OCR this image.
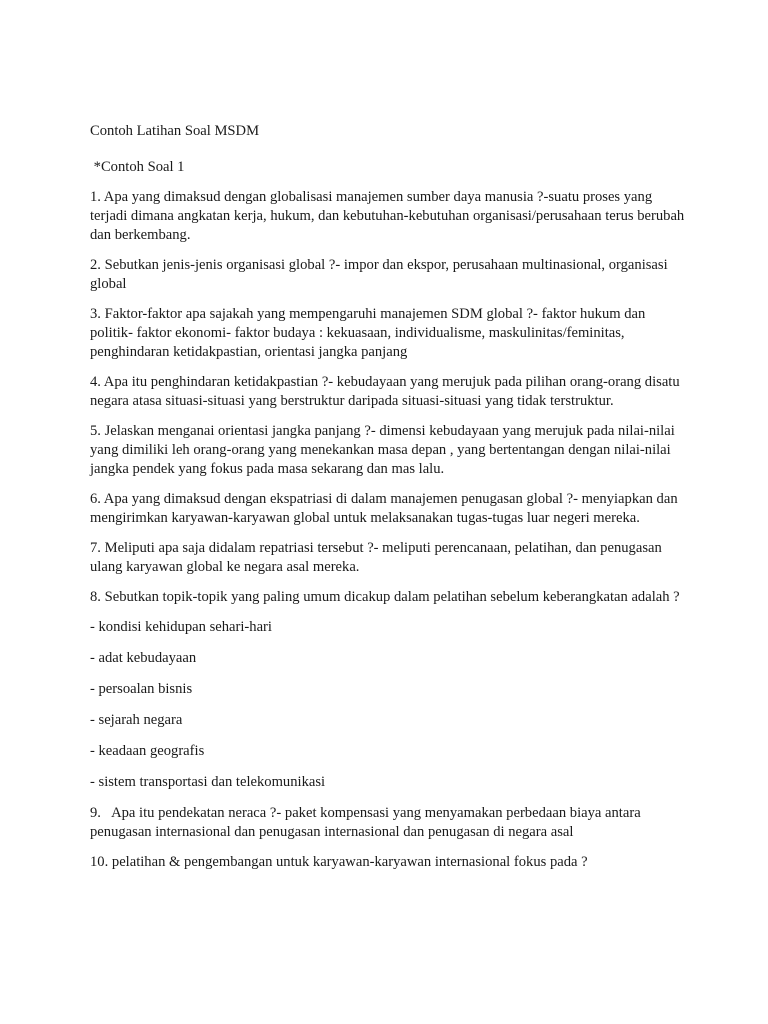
Contoh Latihan Soal MSDM

*Contoh Soal 1

1. Apa yang dimaksud dengan globalisasi manajemen sumber daya manusia ?-suatu proses yang terjadi dimana angkatan kerja, hukum, dan kebutuhan-kebutuhan organisasi/perusahaan terus berubah dan berkembang.

2. Sebutkan jenis-jenis organisasi global ?- impor dan ekspor, perusahaan multinasional, organisasi global

3. Faktor-faktor apa sajakah yang mempengaruhi manajemen SDM global ?- faktor hukum dan politik- faktor ekonomi- faktor budaya : kekuasaan, individualisme, maskulinitas/feminitas, penghindaran ketidakpastian, orientasi jangka panjang

4. Apa itu penghindaran ketidakpastian ?- kebudayaan yang merujuk pada pilihan orang-orang disatu negara atasa situasi-situasi yang berstruktur daripada situasi-situasi yang tidak terstruktur.

5. Jelaskan menganai orientasi jangka panjang ?- dimensi kebudayaan yang merujuk pada nilai-nilai yang dimiliki leh orang-orang yang menekankan masa depan , yang bertentangan dengan nilai-nilai jangka pendek yang fokus pada masa sekarang dan mas lalu.

6. Apa yang dimaksud dengan ekspatriasi di dalam manajemen penugasan global ?- menyiapkan dan mengirimkan karyawan-karyawan global untuk melaksanakan tugas-tugas luar negeri mereka.

7. Meliputi apa saja didalam repatriasi tersebut ?- meliputi perencanaan, pelatihan, dan penugasan ulang karyawan global ke negara asal mereka.

8. Sebutkan topik-topik yang paling umum dicakup dalam pelatihan sebelum keberangkatan adalah ?

- kondisi kehidupan sehari-hari

- adat kebudayaan

- persoalan bisnis

- sejarah negara

- keadaan geografis

- sistem transportasi dan telekomunikasi

9.   Apa itu pendekatan neraca ?- paket kompensasi yang menyamakan perbedaan biaya antara penugasan internasional dan penugasan internasional dan penugasan di negara asal

10. pelatihan & pengembangan untuk karyawan-karyawan internasional fokus pada ?
